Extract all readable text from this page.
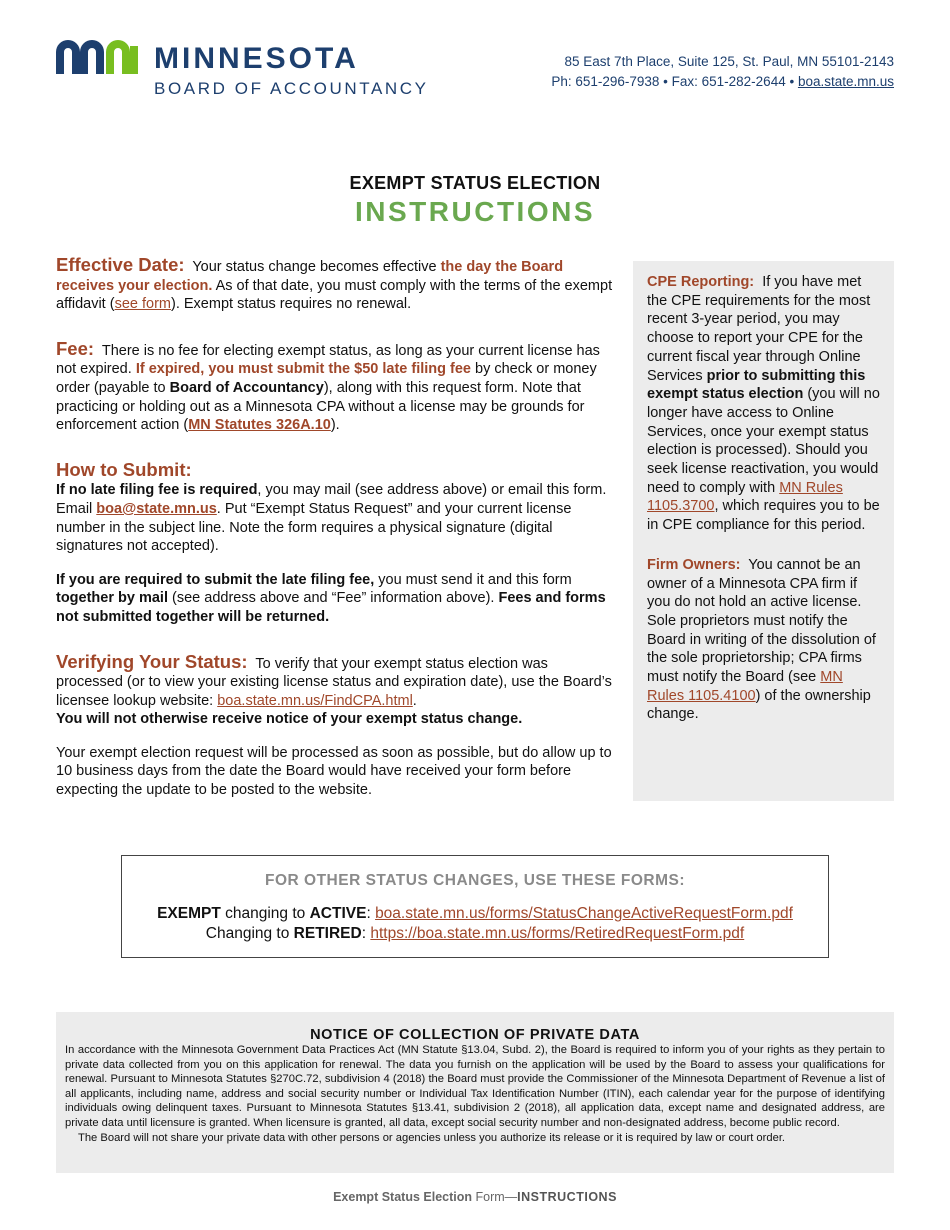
MINNESOTA
BOARD OF ACCOUNTANCY
85 East 7th Place, Suite 125, St. Paul, MN 55101-2143
Ph: 651-296-7938 • Fax: 651-282-2644 • boa.state.mn.us
EXEMPT STATUS ELECTION
INSTRUCTIONS

Effective Date: Your status change becomes effective the day the Board receives your election. As of that date, you must comply with the terms of the exempt affidavit (see form). Exempt status requires no renewal.

Fee: There is no fee for electing exempt status, as long as your current license has not expired. If expired, you must submit the $50 late filing fee by check or money order (payable to Board of Accountancy), along with this request form. Note that practicing or holding out as a Minnesota CPA without a license may be grounds for enforcement action (MN Statutes 326A.10).

How to Submit:
If no late filing fee is required, you may mail (see address above) or email this form. Email boa@state.mn.us. Put “Exempt Status Request” and your current license number in the subject line. Note the form requires a physical signature (digital signatures not accepted).

If you are required to submit the late filing fee, you must send it and this form together by mail (see address above and “Fee” information above). Fees and forms not submitted together will be returned.

Verifying Your Status: To verify that your exempt status election was processed (or to view your existing license status and expiration date), use the Board’s licensee lookup website: boa.state.mn.us/FindCPA.html.
You will not otherwise receive notice of your exempt status change.

Your exempt election request will be processed as soon as possible, but do allow up to 10 business days from the date the Board would have received your form before expecting the update to be posted to the website.

CPE Reporting: If you have met the CPE requirements for the most recent 3-year period, you may choose to report your CPE for the current fiscal year through Online Services prior to submitting this exempt status election (you will no longer have access to Online Services, once your exempt status election is processed). Should you seek license reactivation, you would need to comply with MN Rules 1105.3700, which requires you to be in CPE compliance for this period.

Firm Owners: You cannot be an owner of a Minnesota CPA firm if you do not hold an active license. Sole proprietors must notify the Board in writing of the dissolution of the sole proprietorship; CPA firms must notify the Board (see MN Rules 1105.4100) of the ownership change.

FOR OTHER STATUS CHANGES, USE THESE FORMS:
EXEMPT changing to ACTIVE: boa.state.mn.us/forms/StatusChangeActiveRequestForm.pdf
Changing to RETIRED: https://boa.state.mn.us/forms/RetiredRequestForm.pdf
NOTICE OF COLLECTION OF PRIVATE DATA
In accordance with the Minnesota Government Data Practices Act (MN Statute §13.04, Subd. 2), the Board is required to inform you of your rights as they pertain to private data collected from you on this application for renewal. The data you furnish on the application will be used by the Board to assess your qualifications for renewal. Pursuant to Minnesota Statutes §270C.72, subdivision 4 (2018) the Board must provide the Commissioner of the Minnesota Department of Revenue a list of all applicants, including name, address and social security number or Individual Tax Identification Number (ITIN), each calendar year for the purpose of identifying individuals owing delinquent taxes. Pursuant to Minnesota Statutes §13.41, subdivision 2 (2018), all application data, except name and designated address, are private data until licensure is granted. When licensure is granted, all data, except social security number and non-designated address, become public record.
The Board will not share your private data with other persons or agencies unless you authorize its release or it is required by law or court order.
Exempt Status Election Form—INSTRUCTIONS
